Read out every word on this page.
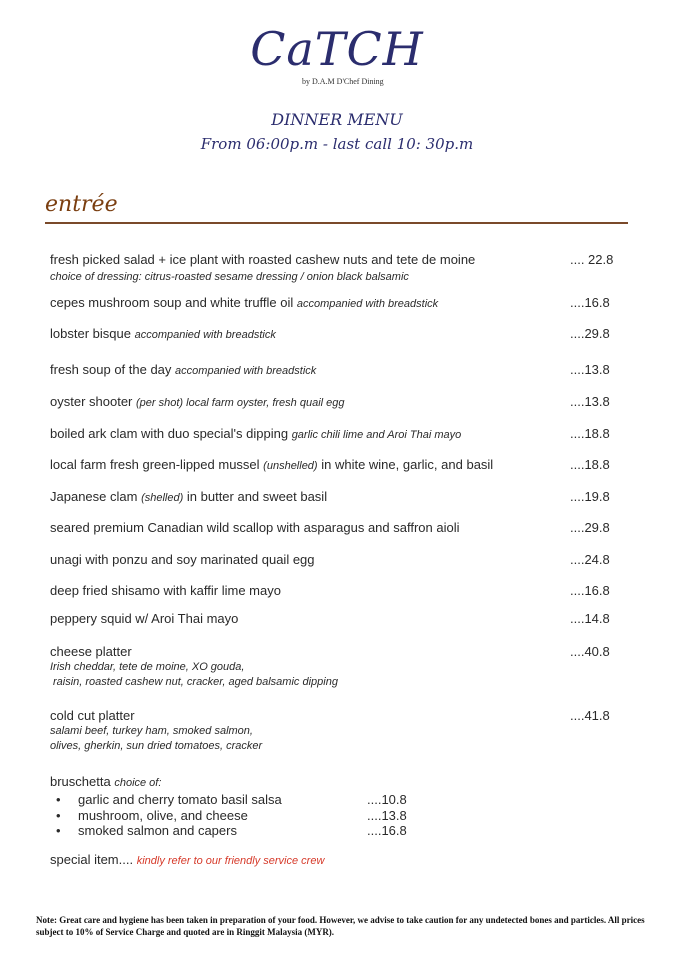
CaTCH
by D.A.M D'Chef Dining
DINNER MENU
From 06:00p.m - last call 10: 30p.m
entrée
fresh picked salad + ice plant with roasted cashew nuts and tete de moine
choice of dressing: citrus-roasted sesame dressing / onion black balsamic
.... 22.8
cepes mushroom soup and white truffle oil accompanied with breadstick	....16.8
lobster bisque accompanied with breadstick	....29.8
fresh soup of the day accompanied with breadstick	....13.8
oyster shooter (per shot) local farm oyster, fresh quail egg	....13.8
boiled ark clam with duo special's dipping garlic chili lime and Aroi Thai mayo	....18.8
local farm fresh green-lipped mussel (unshelled) in white wine, garlic, and basil	....18.8
Japanese clam (shelled) in butter and sweet basil	....19.8
seared premium Canadian wild scallop with asparagus and saffron aioli	....29.8
unagi with ponzu and soy marinated quail egg	....24.8
deep fried shisamo with kaffir lime mayo	....16.8
peppery squid w/ Aroi Thai mayo	....14.8
cheese platter
Irish cheddar, tete de moine, XO gouda,
raisin, roasted cashew nut, cracker, aged balsamic dipping
....40.8
cold cut platter
salami beef, turkey ham, smoked salmon,
olives, gherkin, sun dried tomatoes, cracker
....41.8
bruschetta choice of:
• garlic and cherry tomato basil salsa	....10.8
• mushroom, olive, and cheese	....13.8
• smoked salmon and capers	....16.8
special item.... kindly refer to our friendly service crew
Note: Great care and hygiene has been taken in preparation of your food. However, we advise to take caution for any undetected bones and particles. All prices subject to 10% of Service Charge and quoted are in Ringgit Malaysia (MYR).
